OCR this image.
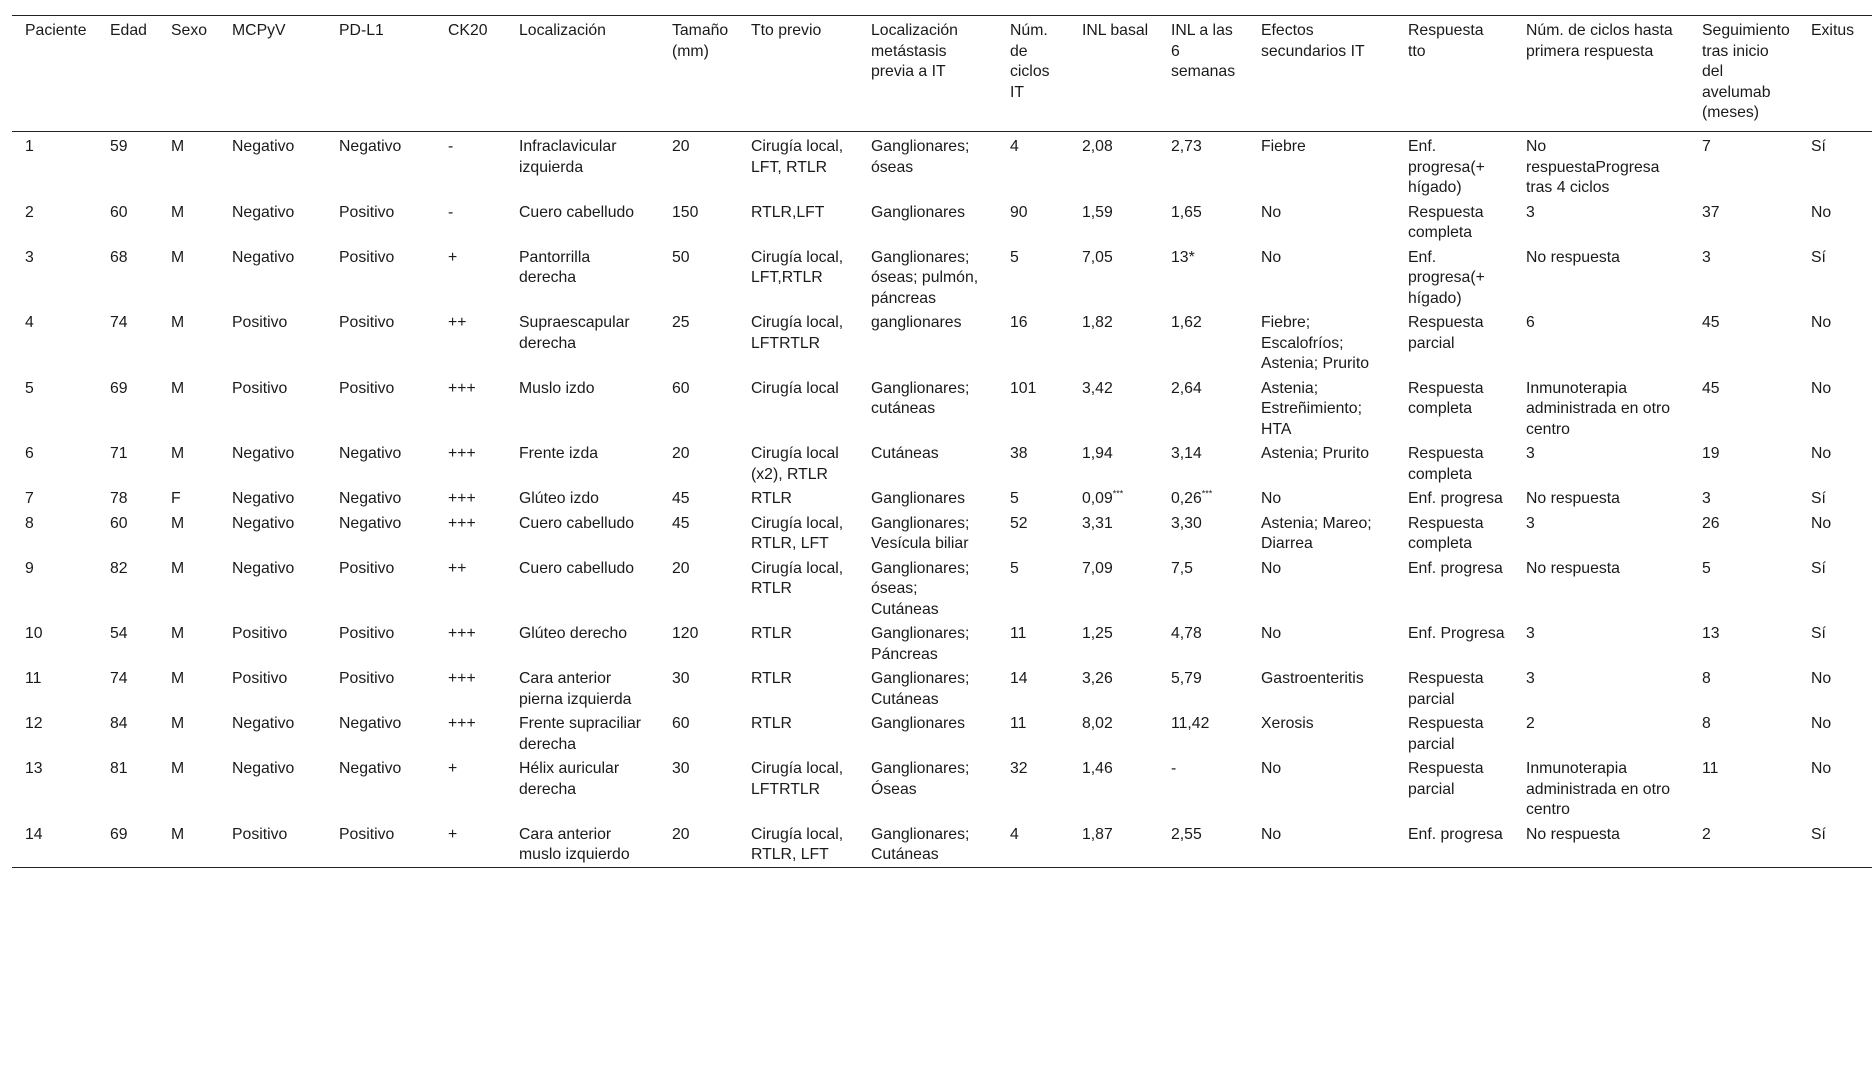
Paciente	Edad	Sexo	MCPyV	PD-L1	CK20	Localización	Tamaño (mm)	Tto previo	Localización metástasis previa a IT	Núm. de ciclos IT	INL basal	INL a las 6 semanas	Efectos secundarios IT	Respuesta tto	Núm. de ciclos hasta primera respuesta	Seguimiento tras inicio del avelumab (meses)	Exitus
1	59	M	Negativo	Negativo	-	Infraclavicular izquierda	20	Cirugía local, LFT, RTLR	Ganglionares; óseas	4	2,08	2,73	Fiebre	Enf. progresa(+ hígado)	No respuestaProgresa tras 4 ciclos	7	Sí
2	60	M	Negativo	Positivo	-	Cuero cabelludo	150	RTLR,LFT	Ganglionares	90	1,59	1,65	No	Respuesta completa	3	37	No
3	68	M	Negativo	Positivo	+	Pantorrilla derecha	50	Cirugía local, LFT,RTLR	Ganglionares; óseas; pulmón, páncreas	5	7,05	13*	No	Enf. progresa(+ hígado)	No respuesta	3	Sí
4	74	M	Positivo	Positivo	++	Supraescapular derecha	25	Cirugía local, LFTRTLR	ganglionares	16	1,82	1,62	Fiebre; Escalofríos; Astenia; Prurito	Respuesta parcial	6	45	No
5	69	M	Positivo	Positivo	+++	Muslo izdo	60	Cirugía local	Ganglionares; cutáneas	101	3,42	2,64	Astenia; Estreñimiento; HTA	Respuesta completa	Inmunoterapia administrada en otro centro	45	No
6	71	M	Negativo	Negativo	+++	Frente izda	20	Cirugía local (x2), RTLR	Cutáneas	38	1,94	3,14	Astenia; Prurito	Respuesta completa	3	19	No
7	78	F	Negativo	Negativo	+++	Glúteo izdo	45	RTLR	Ganglionares	5	0,09***	0,26***	No	Enf. progresa	No respuesta	3	Sí
8	60	M	Negativo	Negativo	+++	Cuero cabelludo	45	Cirugía local, RTLR, LFT	Ganglionares; Vesícula biliar	52	3,31	3,30	Astenia; Mareo; Diarrea	Respuesta completa	3	26	No
9	82	M	Negativo	Positivo	++	Cuero cabelludo	20	Cirugía local, RTLR	Ganglionares; óseas; Cutáneas	5	7,09	7,5	No	Enf. progresa	No respuesta	5	Sí
10	54	M	Positivo	Positivo	+++	Glúteo derecho	120	RTLR	Ganglionares; Páncreas	11	1,25	4,78	No	Enf. Progresa	3	13	Sí
11	74	M	Positivo	Positivo	+++	Cara anterior pierna izquierda	30	RTLR	Ganglionares; Cutáneas	14	3,26	5,79	Gastroenteritis	Respuesta parcial	3	8	No
12	84	M	Negativo	Negativo	+++	Frente supraciliar derecha	60	RTLR	Ganglionares	11	8,02	11,42	Xerosis	Respuesta parcial	2	8	No
13	81	M	Negativo	Negativo	+	Hélix auricular derecha	30	Cirugía local, LFTRTLR	Ganglionares; Óseas	32	1,46	-	No	Respuesta parcial	Inmunoterapia administrada en otro centro	11	No
14	69	M	Positivo	Positivo	+	Cara anterior muslo izquierdo	20	Cirugía local, RTLR, LFT	Ganglionares; Cutáneas	4	1,87	2,55	No	Enf. progresa	No respuesta	2	Sí
